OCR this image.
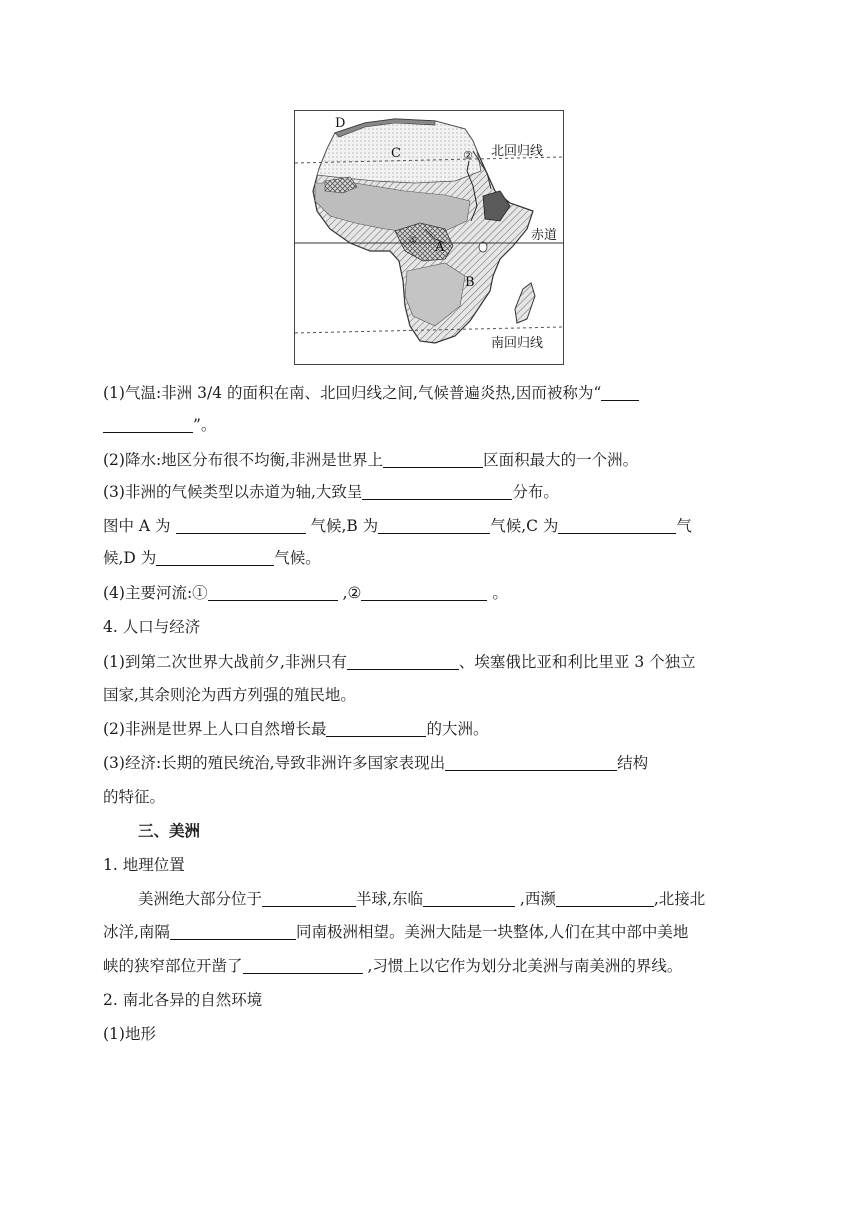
D
C
A
B
②
①
北回归线
赤道
南回归线
(1)气温:非洲 3/4 的面积在南、北回归线之间,气候普遍炎热,因而被称为“
”。
(2)降水:地区分布很不均衡,非洲是世界上	区面积最大的一个洲。
(3)非洲的气候类型以赤道为轴,大致呈	分布。
图中 A 为	气候,B 为	气候,C 为	气
候,D 为	气候。
(4)主要河流:①	,②	。
4. 人口与经济
(1)到第二次世界大战前夕,非洲只有	、埃塞俄比亚和利比里亚 3 个独立
国家,其余则沦为西方列强的殖民地。
(2)非洲是世界上人口自然增长最	的大洲。
(3)经济:长期的殖民统治,导致非洲许多国家表现出	结构
的特征。
三、美洲
1. 地理位置
美洲绝大部分位于	半球,东临	,西濒	,北接北
冰洋,南隔	同南极洲相望。美洲大陆是一块整体,人们在其中部中美地
峡的狭窄部位开凿了	,习惯上以它作为划分北美洲与南美洲的界线。
2. 南北各异的自然环境
(1)地形
